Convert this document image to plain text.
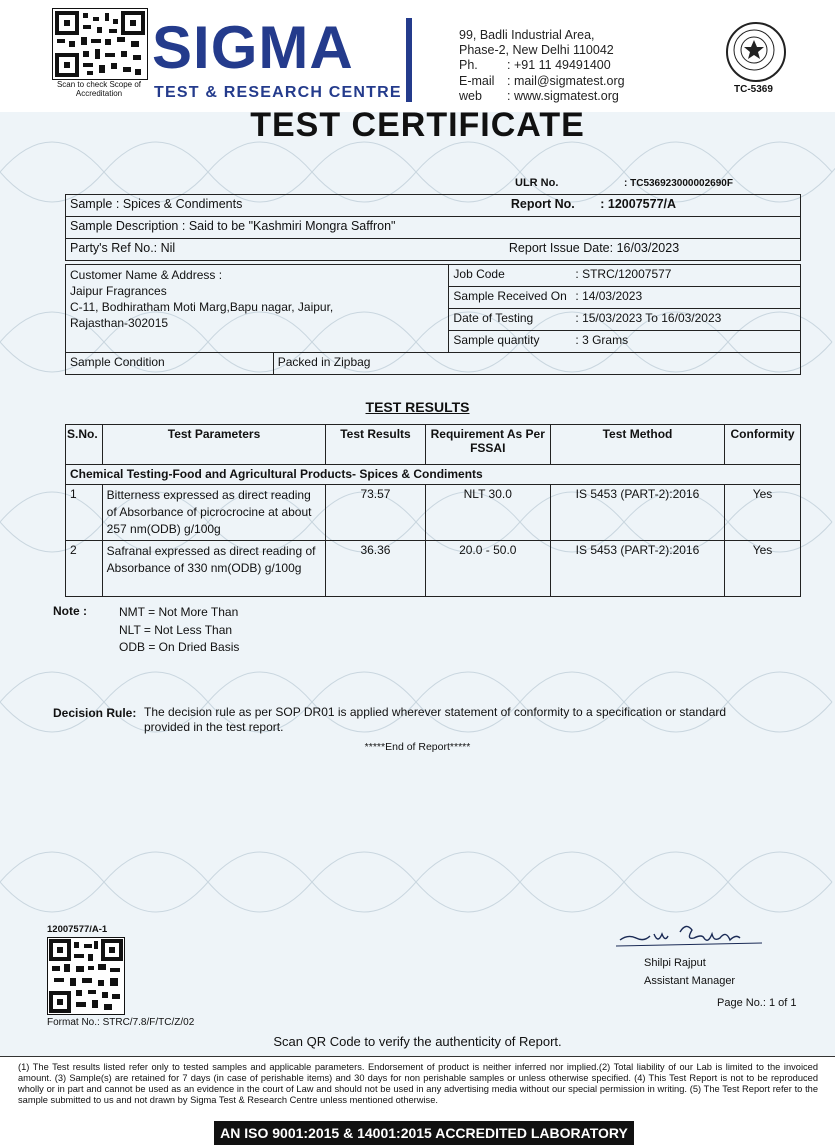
Scan to check Scope of Accreditation
SIGMA
TEST & RESEARCH CENTRE
99, Badli Industrial Area,
Phase-2, New Delhi 110042
Ph. : +91 11 49491400
E-mail : mail@sigmatest.org
web : www.sigmatest.org	TC-5369
TEST CERTIFICATE
ULR No.	: TC536923000002690F
Sample : Spices & Condiments	Report No. : 12007577/A
Sample Description : Said to be "Kashmiri Mongra Saffron"	
Party's Ref No.: Nil	Report Issue Date: 16/03/2023
Customer Name & Address :
Jaipur Fragrances
C-11, Bodhiratham Moti Marg,Bapu nagar, Jaipur,
Rajasthan-302015
	Job Code	: STRC/12007577
Sample Received On : 14/03/2023
Date of Testing	: 15/03/2023 To 16/03/2023
Sample quantity	: 3 Grams
Sample Condition	Packed in Zipbag
TEST RESULTS
S.No.	Test Parameters	Test Results	Requirement As Per FSSAI	Test Method	Conformity
Chemical Testing-Food and Agricultural Products- Spices & Condiments					
1	Bitterness expressed as direct reading of Absorbance of picrocrocine at about 257 nm(ODB) g/100g	73.57	NLT 30.0	IS 5453 (PART-2):2016	Yes
2	Safranal expressed as direct reading of Absorbance of 330 nm(ODB) g/100g	36.36	20.0 - 50.0	IS 5453 (PART-2):2016	Yes
Note :	NMT = Not More Than
NLT = Not Less Than
ODB = On Dried Basis
Decision Rule: The decision rule as per SOP DR01 is applied wherever statement of conformity to a specification or standard
provided in the test report.
*****End of Report*****
12007577/A-1
Format No.: STRC/7.8/F/TC/Z/02
Shilpi Rajput
Assistant Manager
Page No.: 1 of 1
Scan QR Code to verify the authenticity of Report.
(1) The Test results listed refer only to tested samples and applicable parameters. Endorsement of product is neither inferred nor implied.(2) Total liability of our Lab is limited to the invoiced amount. (3) Sample(s) are retained for 7 days (in case of perishable items) and 30 days for non perishable samples or unless otherwise specified. (4) This Test Report is not to be reproduced wholly or in part and cannot be used as an evidence in the court of Law and should not be used in any advertising media without our special permission in writing. (5) The Test Report refer to the sample submitted to us and not drawn by Sigma Test & Research Centre unless mentioned otherwise.
AN ISO 9001:2015 & 14001:2015 ACCREDITED LABORATORY
